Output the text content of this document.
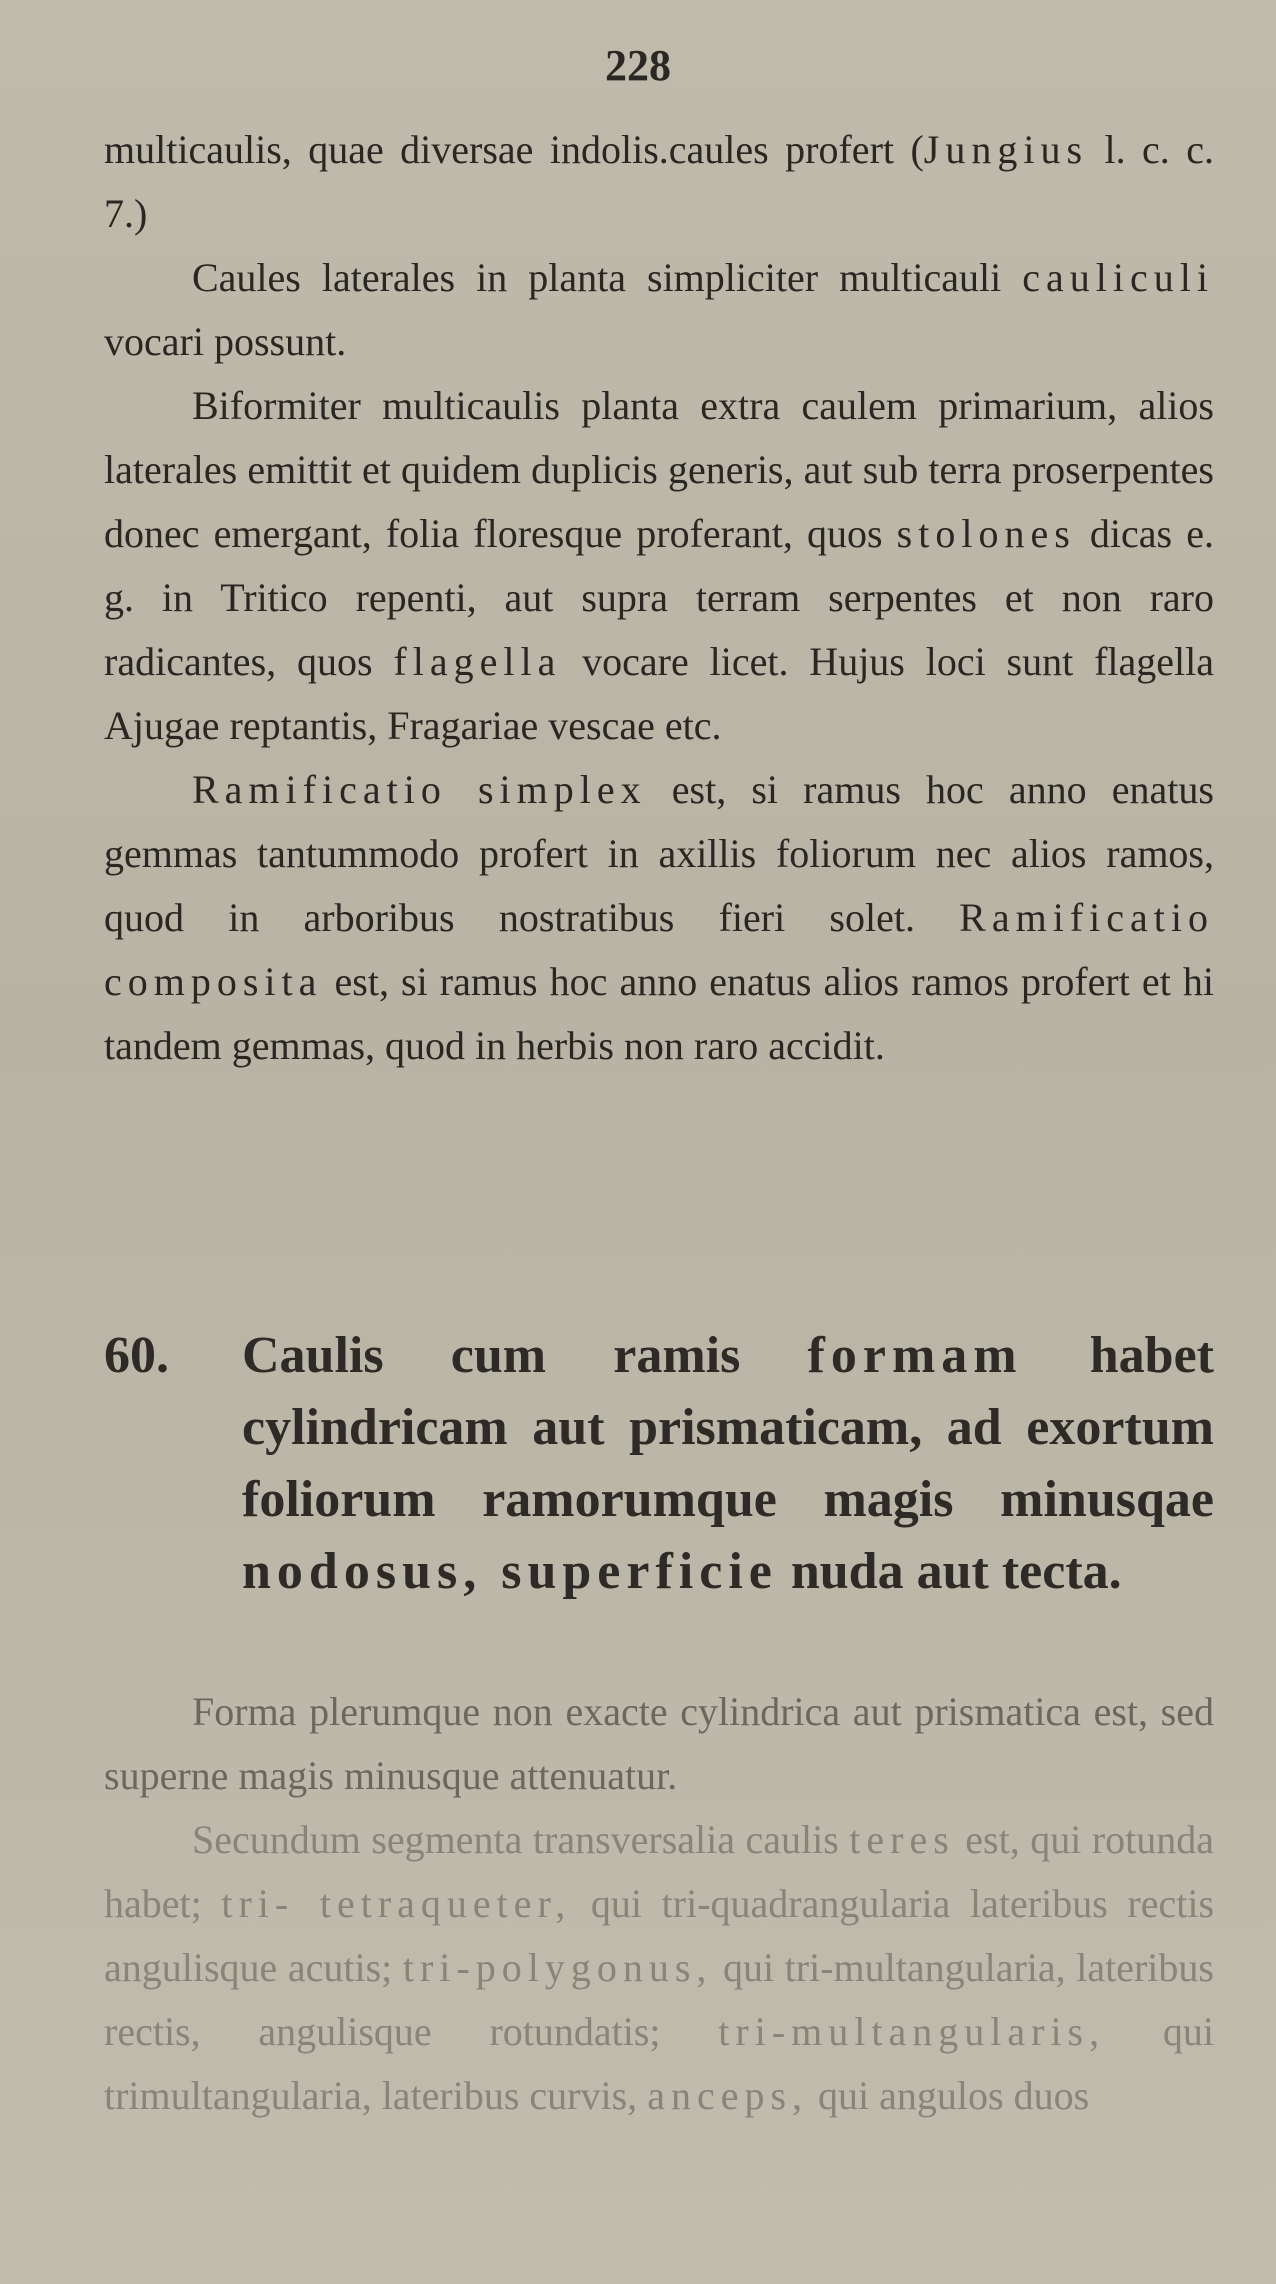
228

multicaulis, quae diversae indolis.caules profert (Jungius l. c. c. 7.)

Caules laterales in planta simpliciter multicauli cauliculi vocari possunt.

Biformiter multicaulis planta extra caulem primarium, alios laterales emittit et quidem duplicis generis, aut sub terra proserpentes donec emergant, folia floresque proferant, quos stolones dicas e. g. in Tritico repenti, aut supra terram serpentes et non raro radicantes, quos flagella vocare licet. Hujus loci sunt flagella Ajugae reptantis, Fragariae vescae etc.

Ramificatio simplex est, si ramus hoc anno enatus gemmas tantummodo profert in axillis foliorum nec alios ramos, quod in arboribus nostratibus fieri solet. Ramificatio composita est, si ramus hoc anno enatus alios ramos profert et hi tandem gemmas, quod in herbis non raro accidit.

60. Caulis cum ramis formam habet cylindricam aut prismaticam, ad exortum foliorum ramorumque magis minusqae nodosus, superficie nuda aut tecta.

Forma plerumque non exacte cylindrica aut prismatica est, sed superne magis minusque attenuatur.

Secundum segmenta transversalia caulis teres est, qui rotunda habet; tri- tetraqueter, qui tri-quadrangularia lateribus rectis angulisque acutis; tri-polygonus, qui tri-multangularia, lateribus rectis, angulisque rotundatis; tri-multangularis, qui trimultangularia, lateribus curvis, anceps, qui angulos duos
